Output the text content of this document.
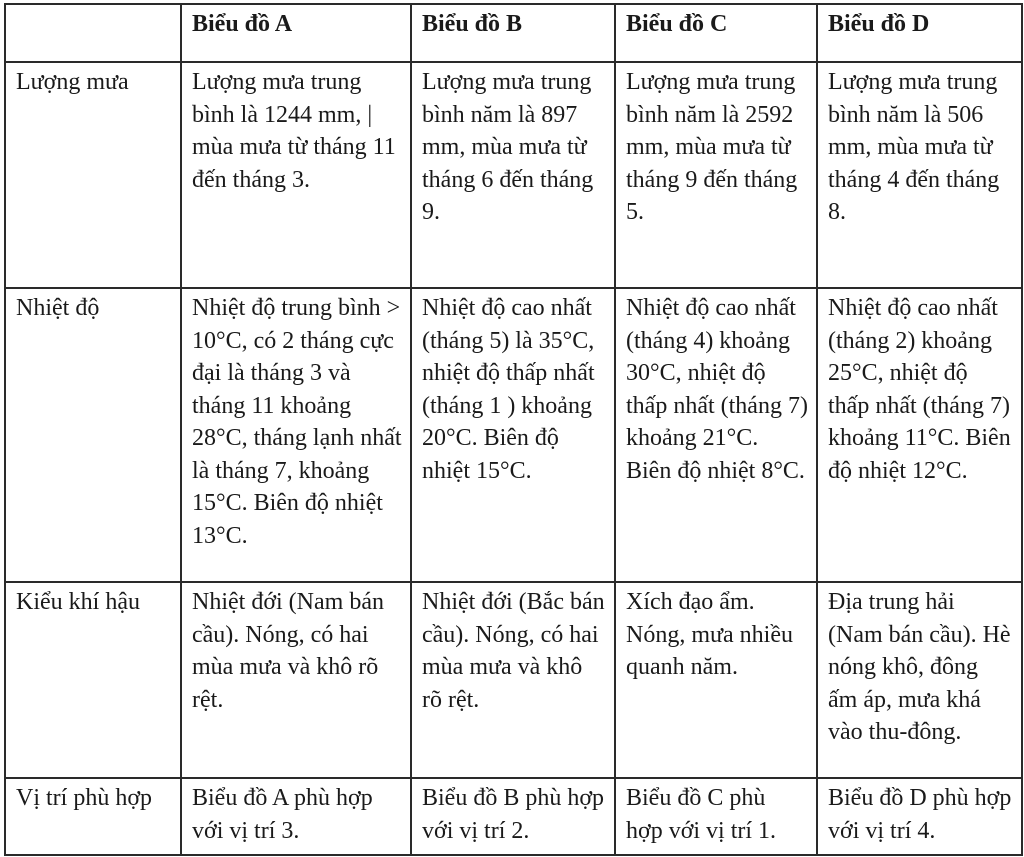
	Biểu đồ A	Biểu đồ B	Biểu đồ C	Biểu đồ D
Lượng mưa	Lượng mưa trung bình là 1244 mm, | mùa mưa từ tháng 11 đến tháng 3.	Lượng mưa trung bình năm là 897 mm, mùa mưa từ tháng 6 đến tháng 9.	Lượng mưa trung bình năm là 2592 mm, mùa mưa từ tháng 9 đến tháng 5.	Lượng mưa trung bình năm là 506 mm, mùa mưa từ tháng 4 đến tháng 8.
Nhiệt độ	Nhiệt độ trung bình > 10°C, có 2 tháng cực đại là tháng 3 và tháng 11 khoảng 28°C, tháng lạnh nhất là tháng 7, khoảng 15°C. Biên độ nhiệt 13°C.	Nhiệt độ cao nhất (tháng 5) là 35°C, nhiệt độ thấp nhất (tháng 1 ) khoảng 20°C. Biên độ nhiệt 15°C.	Nhiệt độ cao nhất (tháng 4) khoảng 30°C, nhiệt độ thấp nhất (tháng 7) khoảng 21°C. Biên độ nhiệt 8°C.	Nhiệt độ cao nhất (tháng 2) khoảng 25°C, nhiệt độ thấp nhất (tháng 7) khoảng 11°C. Biên độ nhiệt 12°C.
Kiểu khí hậu	Nhiệt đới (Nam bán cầu). Nóng, có hai mùa mưa và khô rõ rệt.	Nhiệt đới (Bắc bán cầu). Nóng, có hai mùa mưa và khô rõ rệt.	Xích đạo ẩm. Nóng, mưa nhiều quanh năm.	Địa trung hải (Nam bán cầu). Hè nóng khô, đông ấm áp, mưa khá vào thu-đông.
Vị trí phù hợp	Biểu đồ A phù hợp với vị trí 3.	Biểu đồ B phù hợp với vị trí 2.	Biểu đồ C phù hợp với vị trí 1.	Biểu đồ D phù hợp với vị trí 4.
